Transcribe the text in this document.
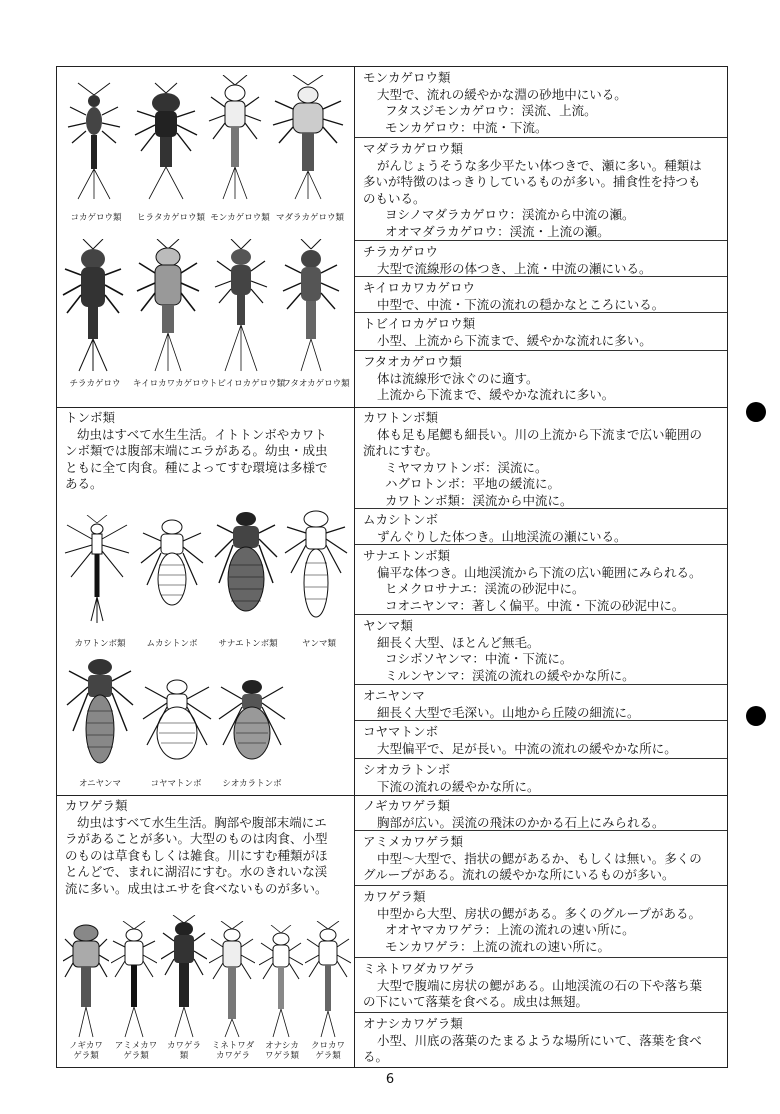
コカゲロウ類	ヒラタカゲロウ類 モンカゲロウ類 マダラカゲロウ類
チラカゲロウ	キイロカワカゲロウ トビイロカゲロウ類
フタオカゲロウ類
モンカゲロウ類
大型で、流れの緩やかな淵の砂地中にいる。
フタスジモンカゲロウ：渓流、上流。
モンカゲロウ：中流・下流。
マダラカゲロウ類
がんじょうそうな多少平たい体つきで、瀬に多い。種類は
多いが特徴のはっきりしているものが多い。捕食性を持つも
のもいる。
ヨシノマダラカゲロウ：渓流から中流の瀬。
オオマダラカゲロウ：渓流・上流の瀬。
チラカゲロウ
大型で流線形の体つき、上流・中流の瀬にいる。
キイロカワカゲロウ
中型で、中流・下流の流れの穏かなところにいる。
トビイロカゲロウ類
小型、上流から下流まで、緩やかな流れに多い。
フタオカゲロウ類
体は流線形で泳ぐのに適す。
上流から下流まで、緩やかな流れに多い。
トンボ類
幼虫はすべて水生生活。イトトンボやカワト
ンボ類では腹部末端にエラがある。幼虫・成虫
ともに全て肉食。種によってすむ環境は多様で
ある。
カワトンボ類	ムカシトンボ	サナエトンボ類	ヤンマ類
オニヤンマ	コヤマトンボ	シオカラトンボ
カワトンボ類
体も足も尾鰓も細長い。川の上流から下流まで広い範囲の
流れにすむ。
ミヤマカワトンボ：渓流に。
ハグロトンボ：平地の緩流に。
カワトンボ類：渓流から中流に。
ムカシトンボ
ずんぐりした体つき。山地渓流の瀬にいる。
サナエトンボ類
偏平な体つき。山地渓流から下流の広い範囲にみられる。
ヒメクロサナエ：渓流の砂泥中に。
コオニヤンマ：著しく偏平。中流・下流の砂泥中に。
ヤンマ類
細長く大型、ほとんど無毛。
コシボソヤンマ：中流・下流に。
ミルンヤンマ：渓流の流れの緩やかな所に。
オニヤンマ
細長く大型で毛深い。山地から丘陵の細流に。
コヤマトンボ
大型偏平で、足が長い。中流の流れの緩やかな所に。
シオカラトンボ
下流の流れの緩やかな所に。
カワゲラ類
幼虫はすべて水生生活。胸部や腹部末端にエ
ラがあることが多い。大型のものは肉食、小型
のものは草食もしくは雑食。川にすむ種類がほ
とんどで、まれに湖沼にすむ。水のきれいな渓
流に多い。成虫はエサを食べないものが多い。
ノギカワ
ゲラ類
アミメカワ
ゲラ類
カワゲラ
類
ミネトワダ
カワゲラ
オナシカ
ワゲラ類
クロカワ
ゲラ類
ノギカワゲラ類
胸部が広い。渓流の飛沫のかかる石上にみられる。
アミメカワゲラ類
中型～大型で、指状の鰓があるか、もしくは無い。多くの
グループがある。流れの緩やかな所にいるものが多い。
カワゲラ類
中型から大型、房状の鰓がある。多くのグループがある。
オオヤマカワゲラ：上流の流れの速い所に。
モンカワゲラ：上流の流れの速い所に。
ミネトワダカワゲラ
大型で腹端に房状の鰓がある。山地渓流の石の下や落ち葉
の下にいて落葉を食べる。成虫は無翅。
オナシカワゲラ類
小型、川底の落葉のたまるような場所にいて、落葉を食べ
る。
6
